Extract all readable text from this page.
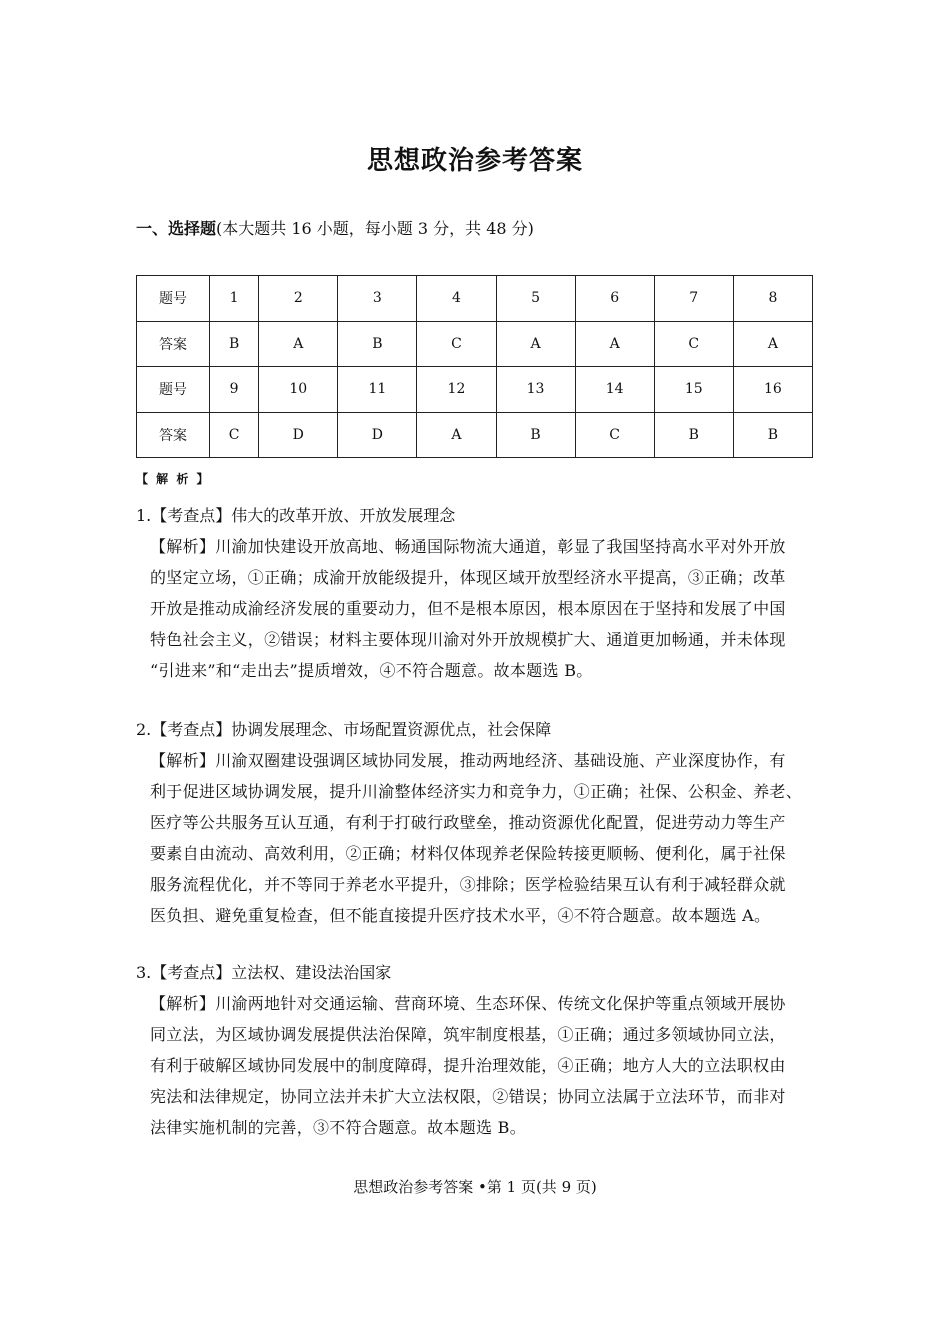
思想政治参考答案
一、选择题(本大题共 16 小题，每小题 3 分，共 48 分)
题号	1	2	3	4	5	6	7	8
答案	B	A	B	C	A	A	C	A
题号	9	10	11	12	13	14	15	16
答案	C	D	D	A	B	C	B	B
【 解 析 】
1.【考查点】伟大的改革开放、开放发展理念
【解析】川渝加快建设开放高地、畅通国际物流大通道，彰显了我国坚持高水平对外开放
的坚定立场，①正确；成渝开放能级提升，体现区域开放型经济水平提高，③正确；改革
开放是推动成渝经济发展的重要动力，但不是根本原因，根本原因在于坚持和发展了中国
特色社会主义，②错误；材料主要体现川渝对外开放规模扩大、通道更加畅通，并未体现
“引进来”和“走出去”提质增效，④不符合题意。故本题选 B。
2.【考查点】协调发展理念、市场配置资源优点，社会保障
【解析】川渝双圈建设强调区域协同发展，推动两地经济、基础设施、产业深度协作，有
利于促进区域协调发展，提升川渝整体经济实力和竞争力，①正确；社保、公积金、养老、
医疗等公共服务互认互通，有利于打破行政壁垒，推动资源优化配置，促进劳动力等生产
要素自由流动、高效利用，②正确；材料仅体现养老保险转接更顺畅、便利化，属于社保
服务流程优化，并不等同于养老水平提升，③排除；医学检验结果互认有利于减轻群众就
医负担、避免重复检查，但不能直接提升医疗技术水平，④不符合题意。故本题选 A。
3.【考查点】立法权、建设法治国家
【解析】川渝两地针对交通运输、营商环境、生态环保、传统文化保护等重点领域开展协
同立法，为区域协调发展提供法治保障，筑牢制度根基，①正确；通过多领域协同立法，
有利于破解区域协同发展中的制度障碍，提升治理效能，④正确；地方人大的立法职权由
宪法和法律规定，协同立法并未扩大立法权限，②错误；协同立法属于立法环节，而非对
法律实施机制的完善，③不符合题意。故本题选 B。
思想政治参考答案 •第 1 页(共 9 页)
